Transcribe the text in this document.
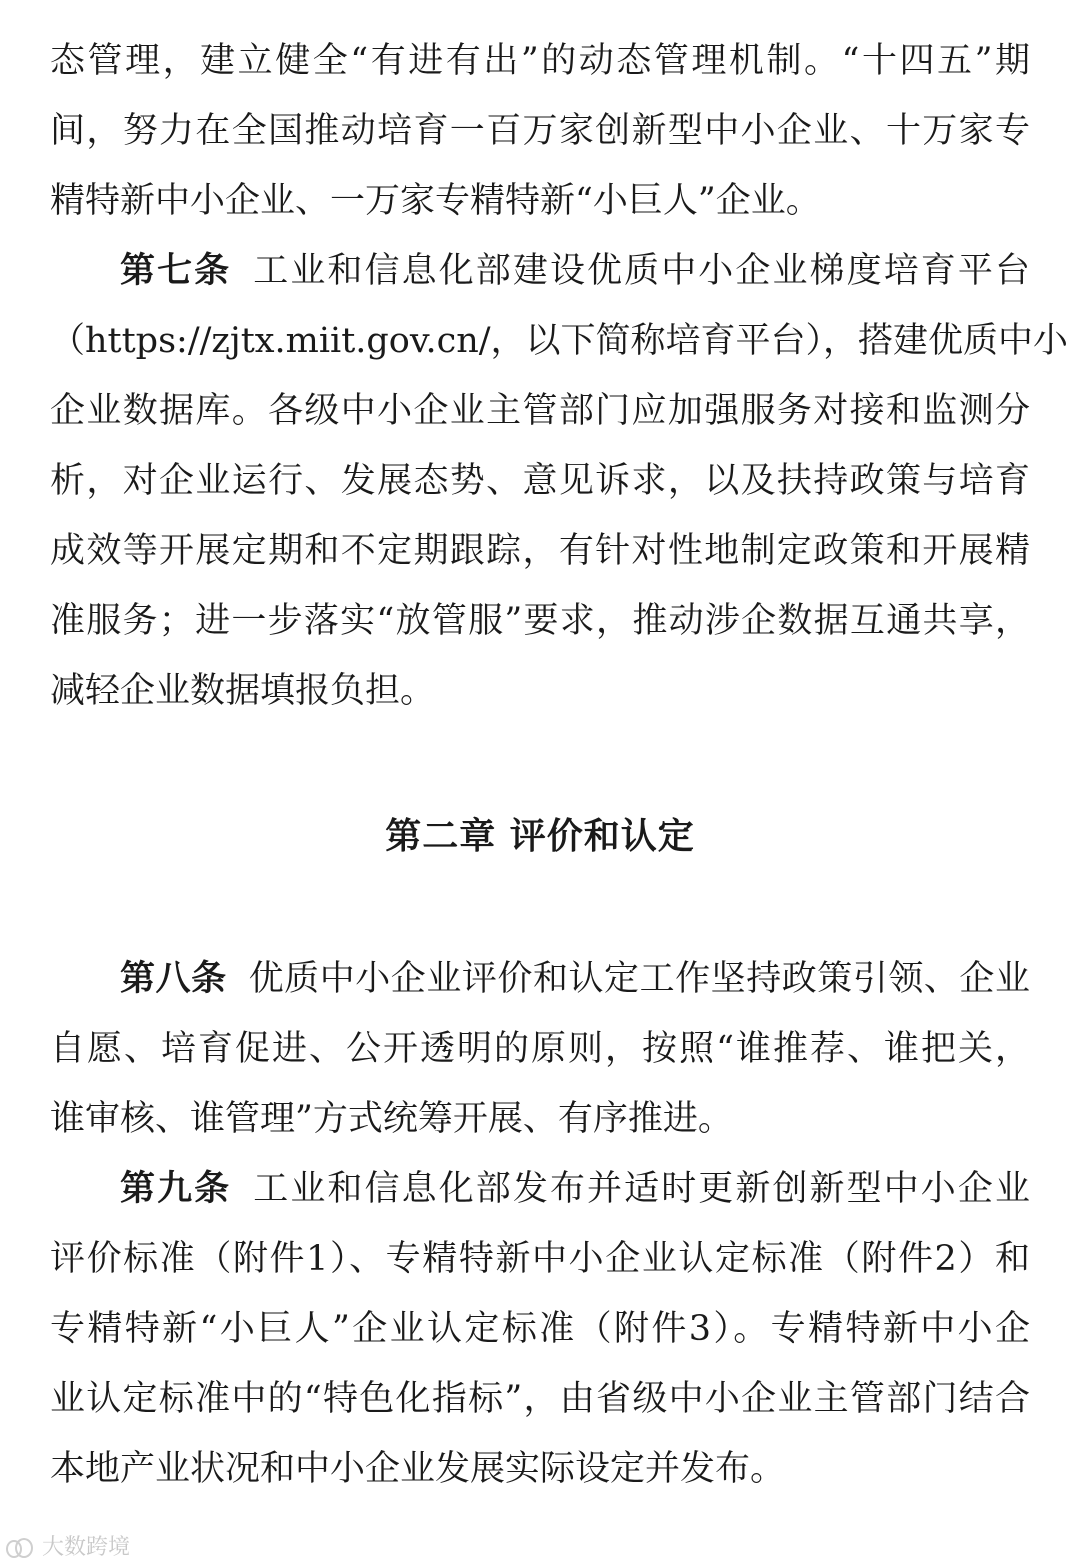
态管理，建立健全“有进有出”的动态管理机制。“十四五”期
间，努力在全国推动培育一百万家创新型中小企业、十万家专
精特新中小企业、一万家专精特新“小巨人”企业。
第七条 工业和信息化部建设优质中小企业梯度培育平台
（https://zjtx.miit.gov.cn/，以下简称培育平台），搭建优质中小
企业数据库。各级中小企业主管部门应加强服务对接和监测分
析，对企业运行、发展态势、意见诉求，以及扶持政策与培育
成效等开展定期和不定期跟踪，有针对性地制定政策和开展精
准服务；进一步落实“放管服”要求，推动涉企数据互通共享，
减轻企业数据填报负担。
第二章 评价和认定
第八条 优质中小企业评价和认定工作坚持政策引领、企业
自愿、培育促进、公开透明的原则，按照“谁推荐、谁把关，
谁审核、谁管理”方式统筹开展、有序推进。
第九条 工业和信息化部发布并适时更新创新型中小企业
评价标准（附件1）、专精特新中小企业认定标准（附件2）和
专精特新“小巨人”企业认定标准（附件3）。专精特新中小企
业认定标准中的“特色化指标”，由省级中小企业主管部门结合
本地产业状况和中小企业发展实际设定并发布。
大数跨境
